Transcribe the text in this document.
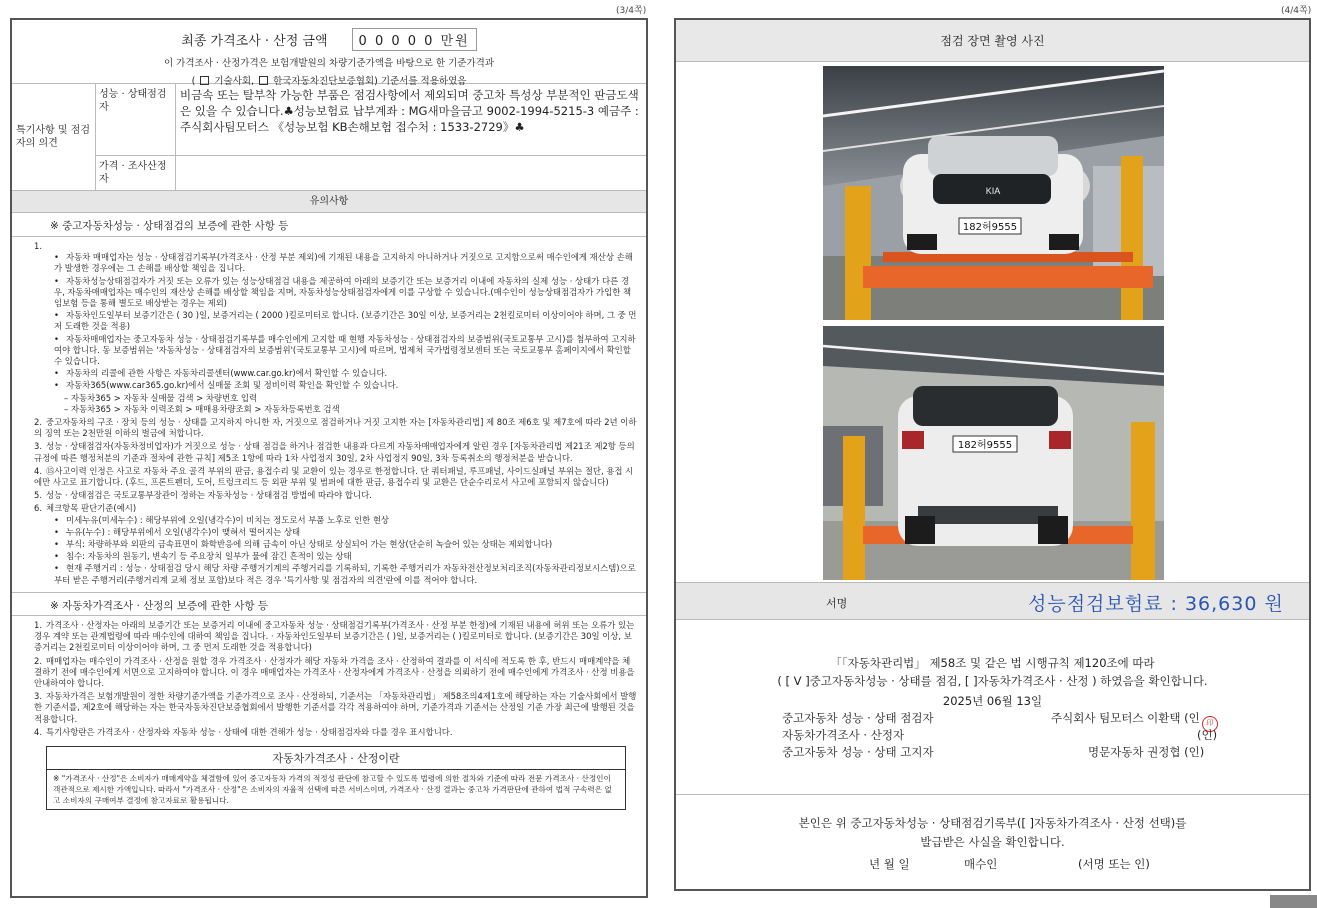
(3/4쪽)	(4/4쪽)
최종 가격조사 · 산정 금액	0 0 0 0 0 만원
이 가격조사 · 산정가격은 보험개발원의 차량기준가액을 바탕으로 한 기준가격과
( 기술사회, 한국자동차진단보증협회) 기준서를 적용하였음
특기사항 및 점검자의 의견
성능 · 상태점검자
비금속 또는 탈부착 가능한 부품은 점검사항에서 제외되며 중고차 특성상 부분적인 판금도색은 있을 수 있습니다.♣성능보험료 납부계좌 : MG새마을금고 9002-1994-5215-3 예금주 : 주식회사팀모터스 《성능보험 KB손해보험 접수처 : 1533-2729》♣
가격 · 조사산정자
유의사항
※ 중고자동차성능 · 상태점검의 보증에 관한 사항 등
1.
• 자동차 매매업자는 성능 · 상태점검기록부(가격조사 · 산정 부분 제외)에 기재된 내용을 고지하지 아니하거나 거짓으로 고지함으로써 매수인에게 재산상 손해가 발생한 경우에는 그 손해를 배상할 책임을 집니다.
• 자동차성능상태점검자가 거짓 또는 오류가 있는 성능상태점검 내용을 제공하여 아래의 보증기간 또는 보증거리 이내에 자동차의 실제 성능 · 상태가 다른 경우, 자동차매매업자는 매수인의 재산상 손해를 배상할 책임을 지며, 자동차성능상태점검자에게 이를 구상할 수 있습니다.(매수인이 성능상태점검자가 가입한 책임보험 등을 통해 별도로 배상받는 경우는 제외)
• 자동차인도일부터 보증기간은 ( 30 )일, 보증거리는 ( 2000 )킬로미터로 합니다. (보증기간은 30일 이상, 보증거리는 2천킬로미터 이상이어야 하며, 그 중 먼저 도래한 것을 적용)
• 자동차매매업자는 중고자동차 성능 · 상태점검기록부를 매수인에게 고지할 때 현행 자동차성능 · 상태점검자의 보증범위(국토교통부 고시)를 첨부하여 고지하여야 합니다. 동 보증범위는 '자동차성능 · 상태점검자의 보증범위'(국토교통부 고시)에 따르며, 법제처 국가법령정보센터 또는 국토교통부 홈페이지에서 확인할 수 있습니다.
• 자동차의 리콜에 관한 사항은 자동차리콜센터(www.car.go.kr)에서 확인할 수 있습니다.
• 자동차365(www.car365.go.kr)에서 실매물 조회 및 정비이력 확인을 확인할 수 있습니다.
– 자동차365 > 자동차 실매물 검색 > 차량번호 입력
– 자동차365 > 자동차 이력조회 > 매매용차량조회 > 자동차등록번호 검색
2. 중고자동차의 구조 · 장치 등의 성능 · 상태를 고지하지 아니한 자, 거짓으로 점검하거나 거짓 고지한 자는 [자동차관리법] 제 80조 제6호 및 제7호에 따라 2년 이하의 징역 또는 2천만원 이하의 벌금에 처합니다.
3. 성능 · 상태점검자(자동차정비업자)가 거짓으로 성능 · 상태 점검을 하거나 점검한 내용과 다르게 자동차매매업자에게 알린 경우 [자동차관리법 제21조 제2항 등의 규정에 따른 행정처분의 기준과 절차에 관한 규칙] 제5조 1항에 따라 1차 사업정지 30일, 2차 사업정지 90일, 3차 등록취소의 행정처분을 받습니다.
4. ⑮사고이력 인정은 사고로 자동차 주요 골격 부위의 판금, 용접수리 및 교환이 있는 경우로 한정합니다. 단 쿼터패널, 루프패널, 사이드실패널 부위는 절단, 용접 시에만 사고로 표기합니다. (후드, 프론트펜더, 도어, 트렁크리드 등 외판 부위 및 범퍼에 대한 판금, 용접수리 및 교환은 단순수리로서 사고에 포함되지 않습니다)
5. 성능 · 상태점검은 국토교통부장관이 정하는 자동차성능 · 상태점검 방법에 따라야 합니다.
6. 체크항목 판단기준(예시)
• 미세누유(미세누수) : 해당부위에 오일(냉각수)이 비치는 정도로서 부품 노후로 인한 현상
• 누유(누수) : 해당부위에서 오일(냉각수)이 맺혀서 떨어지는 상태
• 부식: 차량하부와 외판의 금속표면이 화학반응에 의해 금속이 아닌 상태로 상실되어 가는 현상(단순히 녹슬어 있는 상태는 제외합니다)
• 침수: 자동차의 원동기, 변속기 등 주요장치 일부가 물에 잠긴 흔적이 있는 상태
• 현재 주행거리 : 성능 · 상태점검 당시 해당 차량 주행거기계의 주행거리를 기록하되, 기록한 주행거리가 자동차전산정보처리조직(자동차관리정보시스템)으로부터 받은 주행거리(주행거리계 교체 정보 포함)보다 적은 경우 '특기사항 및 점검자의 의견'란에 이를 적어야 합니다.
※ 자동차가격조사 · 산정의 보증에 관한 사항 등
1. 가격조사 · 산정자는 아래의 보증기간 또는 보증거리 이내에 중고자동차 성능 · 상태점검기록부(가격조사 · 산정 부분 한정)에 기재된 내용에 허위 또는 오류가 있는 경우 계약 또는 관계법령에 따라 매수인에 대하여 책임을 집니다. · 자동차인도일부터 보증기간은 ( )일, 보증거리는 ( )킬로미터로 합니다. (보증기간은 30일 이상, 보증거리는 2천킬로미터 이상이어야 하며, 그 중 먼저 도래한 것을 적용합니다)
2. 매매업자는 매수인이 가격조사 · 산정을 원할 경우 가격조사 · 산정자가 해당 자동차 가격을 조사 · 산정하여 결과를 이 서식에 적도록 한 후, 반드시 매매계약을 체결하기 전에 매수인에게 서면으로 고지하여야 합니다. 이 경우 매매업자는 가격조사 · 산정자에게 가격조사 · 산정을 의뢰하기 전에 매수인에게 가격조사 · 산정 비용을 안내하여야 합니다.
3. 자동차가격은 보험개발원이 정한 차량기준가액을 기준가격으로 조사 · 산정하되, 기준서는 「자동차관리법」 제58조의4제1호에 해당하는 자는 기술사회에서 발행한 기준서를, 제2호에 해당하는 자는 한국자동차진단보증협회에서 발행한 기준서를 각각 적용하여야 하며, 기준가격과 기준서는 산정일 기준 가장 최근에 발행된 것을 적용합니다.
4. 특기사항란은 가격조사 · 산정자와 자동차 성능 · 상태에 대한 견해가 성능 · 상태점검자와 다를 경우 표시합니다.
자동차가격조사 · 산정이란
※ "가격조사 · 산정"은 소비자가 매매계약을 체결함에 있어 중고자동차 가격의 적정성 판단에 참고할 수 있도록 법령에 의한 절차와 기준에 따라 전문 가격조사 · 산정인이 객관적으로 제시한 가액입니다. 따라서 "가격조사 · 산정"은 소비자의 자율적 선택에 따른 서비스이며, 가격조사 · 산정 결과는 중고차 가격판단에 관하여 법적 구속력은 없고 소비자의 구매여부 결정에 참고자료로 활용됩니다.
점검 장면 촬영 사진
KIA
182허9555
182허9555
서명	성능점검보험료 : 36,630 원
「「자동차관리법」 제58조 및 같은 법 시행규칙 제120조에 따라
( [ V ]중고자동차성능 · 상태를 점검, [ ]자동차가격조사 · 산정 ) 하였음을 확인합니다.
2025년 06월 13일
중고자동차 성능 · 상태 점검자	주식회사 팀모터스 이환택 (인 印
자동차가격조사 · 산정자	(인)
중고자동차 성능 · 상태 고지자	명문자동차 권정협 (인)
본인은 위 중고자동차성능 · 상태점검기록부([ ]자동차가격조사 · 산정 선택)를
발급받은 사실을 확인합니다.
년 월 일	매수인	(서명 또는 인)
